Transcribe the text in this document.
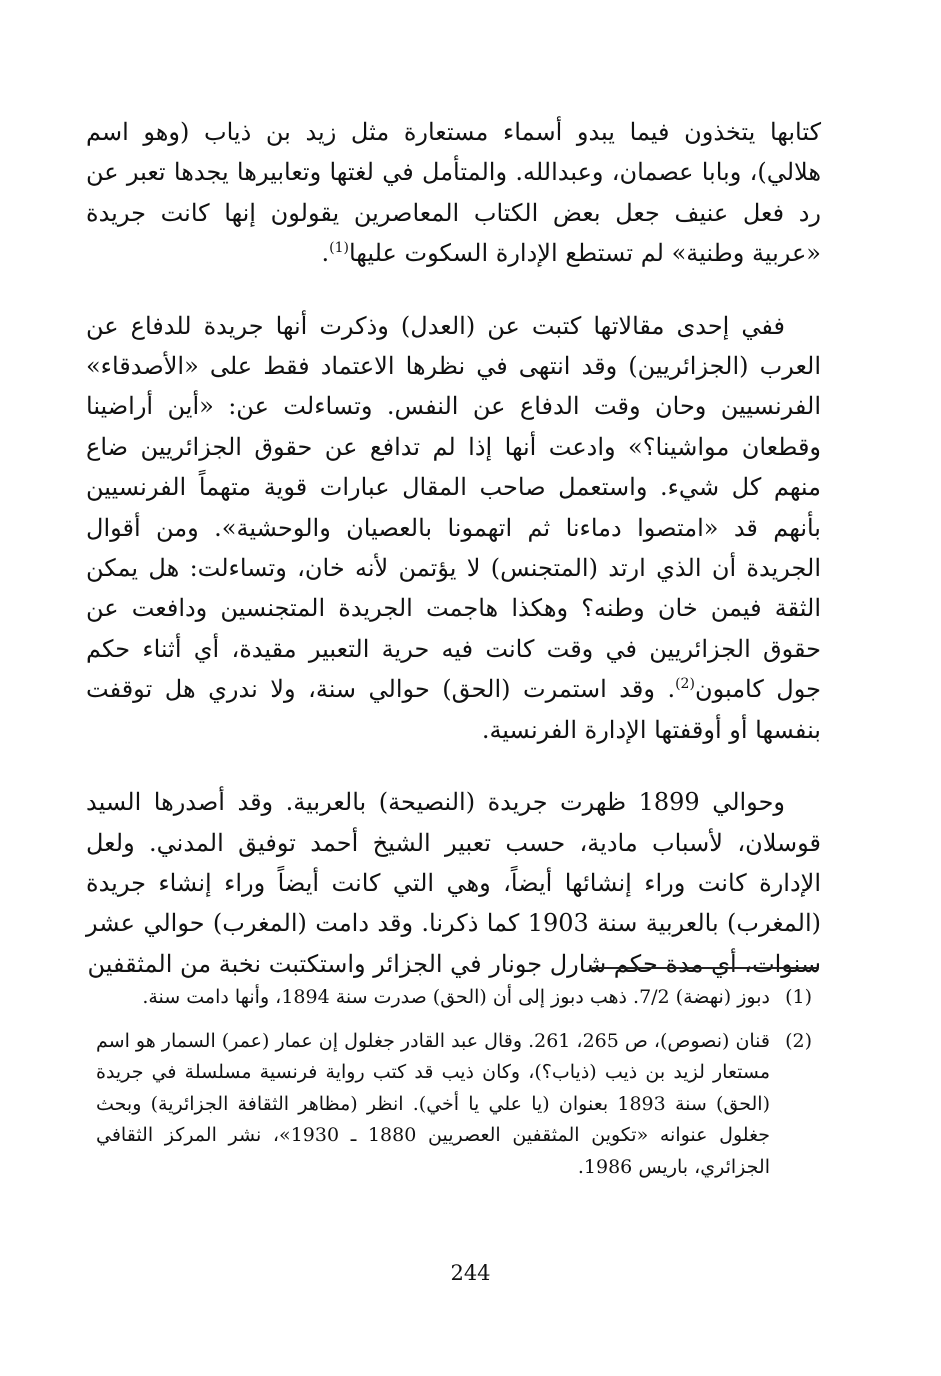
كتابها يتخذون فيما يبدو أسماء مستعارة مثل زيد بن ذياب (وهو اسم هلالي)، وبابا عصمان، وعبدالله. والمتأمل في لغتها وتعابيرها يجدها تعبر عن رد فعل عنيف جعل بعض الكتاب المعاصرين يقولون إنها كانت جريدة «عربية وطنية» لم تستطع الإدارة السكوت عليها$^{(1)}$.

ففي إحدى مقالاتها كتبت عن (العدل) وذكرت أنها جريدة للدفاع عن العرب (الجزائريين) وقد انتهى في نظرها الاعتماد فقط على «الأصدقاء» الفرنسيين وحان وقت الدفاع عن النفس. وتساءلت عن: «أين أراضينا وقطعان مواشينا؟» وادعت أنها إذا لم تدافع عن حقوق الجزائريين ضاع منهم كل شيء. واستعمل صاحب المقال عبارات قوية متهماً الفرنسيين بأنهم قد «امتصوا دماءنا ثم اتهمونا بالعصيان والوحشية». ومن أقوال الجريدة أن الذي ارتد (المتجنس) لا يؤتمن لأنه خان، وتساءلت: هل يمكن الثقة فيمن خان وطنه؟ وهكذا هاجمت الجريدة المتجنسين ودافعت عن حقوق الجزائريين في وقت كانت فيه حرية التعبير مقيدة، أي أثناء حكم جول كامبون$^{(2)}$. وقد استمرت (الحق) حوالي سنة، ولا ندري هل توقفت بنفسها أو أوقفتها الإدارة الفرنسية.

وحوالي 1899 ظهرت جريدة (النصيحة) بالعربية. وقد أصدرها السيد قوسلان، لأسباب مادية، حسب تعبير الشيخ أحمد توفيق المدني. ولعل الإدارة كانت وراء إنشائها أيضاً، وهي التي كانت أيضاً وراء إنشاء جريدة (المغرب) بالعربية سنة 1903 كما ذكرنا. وقد دامت (المغرب) حوالي عشر سنوات، أي مدة حكم شارل جونار في الجزائر واستكتبت نخبة من المثقفين

(1)
دبوز (نهضة) 7/2. ذهب دبوز إلى أن (الحق) صدرت سنة 1894، وأنها دامت سنة.
(2)
قنان (نصوص)، ص 265، 261. وقال عبد القادر جغلول إن عمار (عمر) السمار هو اسم مستعار لزيد بن ذيب (ذياب؟)، وكان ذيب قد كتب رواية فرنسية مسلسلة في جريدة (الحق) سنة 1893 بعنوان (يا علي يا أخي). انظر (مظاهر الثقافة الجزائرية) وبحث جغلول عنوانه «تكوين المثقفين العصريين 1880 ـ 1930»، نشر المركز الثقافي الجزائري، باريس 1986.
244
